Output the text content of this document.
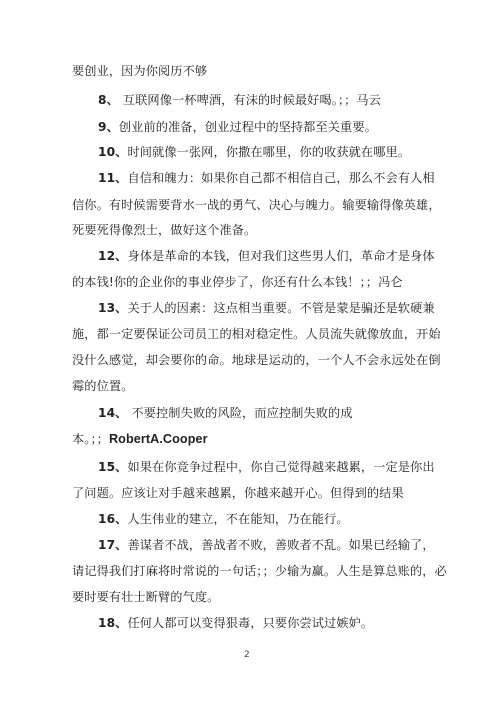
要创业，因为你阅历不够
8、 互联网像一杯啤酒，有沫的时候最好喝。；；马云
9、创业前的准备，创业过程中的坚持都至关重要。
10、时间就像一张网，你撒在哪里，你的收获就在哪里。
11、自信和魄力：如果你自己都不相信自己，那么不会有人相
信你。有时候需要背水一战的勇气、决心与魄力。输要输得像英雄，
死要死得像烈士，做好这个准备。
12、身体是革命的本钱，但对我们这些男人们，革命才是身体
的本钱!你的企业你的事业停步了，你还有什么本钱！；；冯仑
13、关于人的因素：这点相当重要。不管是蒙是骗还是软硬兼
施，都一定要保证公司员工的相对稳定性。人员流失就像放血，开始
没什么感觉，却会要你的命。地球是运动的，一个人不会永远处在倒
霉的位置。
14、 不要控制失败的风险，而应控制失败的成
本。；；RobertA.Cooper
15、如果在你竞争过程中，你自己觉得越来越累，一定是你出
了问题。应该让对手越来越累，你越来越开心。但得到的结果
16、人生伟业的建立，不在能知，乃在能行。
17、善谋者不战，善战者不败，善败者不乱。如果已经输了，
请记得我们打麻将时常说的一句话；；少输为赢。人生是算总账的，必
要时要有壮士断臂的气度。
18、任何人都可以变得狠毒，只要你尝试过嫉妒。
2
